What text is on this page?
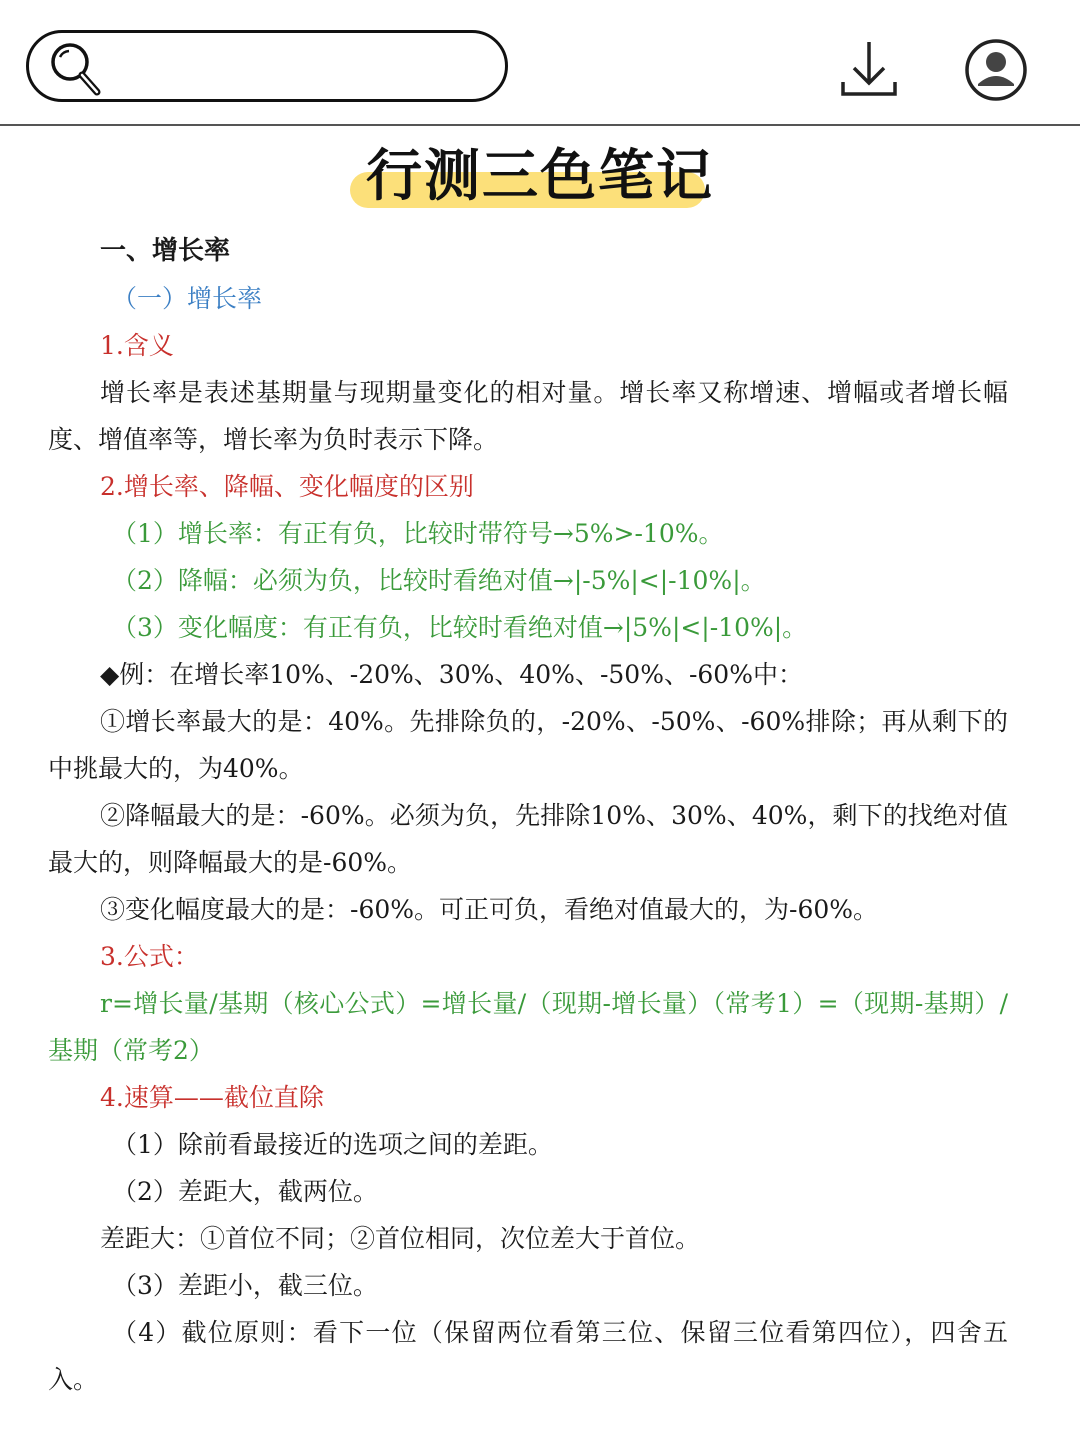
行测三色笔记
一、增长率
（一）增长率
1.含义
增长率是表述基期量与现期量变化的相对量。增长率又称增速、增幅或者增长幅度、增值率等，增长率为负时表示下降。
2.增长率、降幅、变化幅度的区别
（1）增长率：有正有负，比较时带符号→5%>-10%。
（2）降幅：必须为负，比较时看绝对值→|-5%|<|-10%|。
（3）变化幅度：有正有负，比较时看绝对值→|5%|<|-10%|。
◆例：在增长率10%、-20%、30%、40%、-50%、-60%中：
①增长率最大的是：40%。先排除负的，-20%、-50%、-60%排除；再从剩下的中挑最大的，为40%。
②降幅最大的是：-60%。必须为负，先排除10%、30%、40%，剩下的找绝对值最大的，则降幅最大的是-60%。
③变化幅度最大的是：-60%。可正可负，看绝对值最大的，为-60%。
3.公式：
r=增长量/基期（核心公式）=增长量/（现期-增长量）（常考1）=（现期-基期）/基期（常考2）
4.速算——截位直除
（1）除前看最接近的选项之间的差距。
（2）差距大，截两位。
差距大：①首位不同；②首位相同，次位差大于首位。
（3）差距小，截三位。
（4）截位原则：看下一位（保留两位看第三位、保留三位看第四位），四舍五入。
